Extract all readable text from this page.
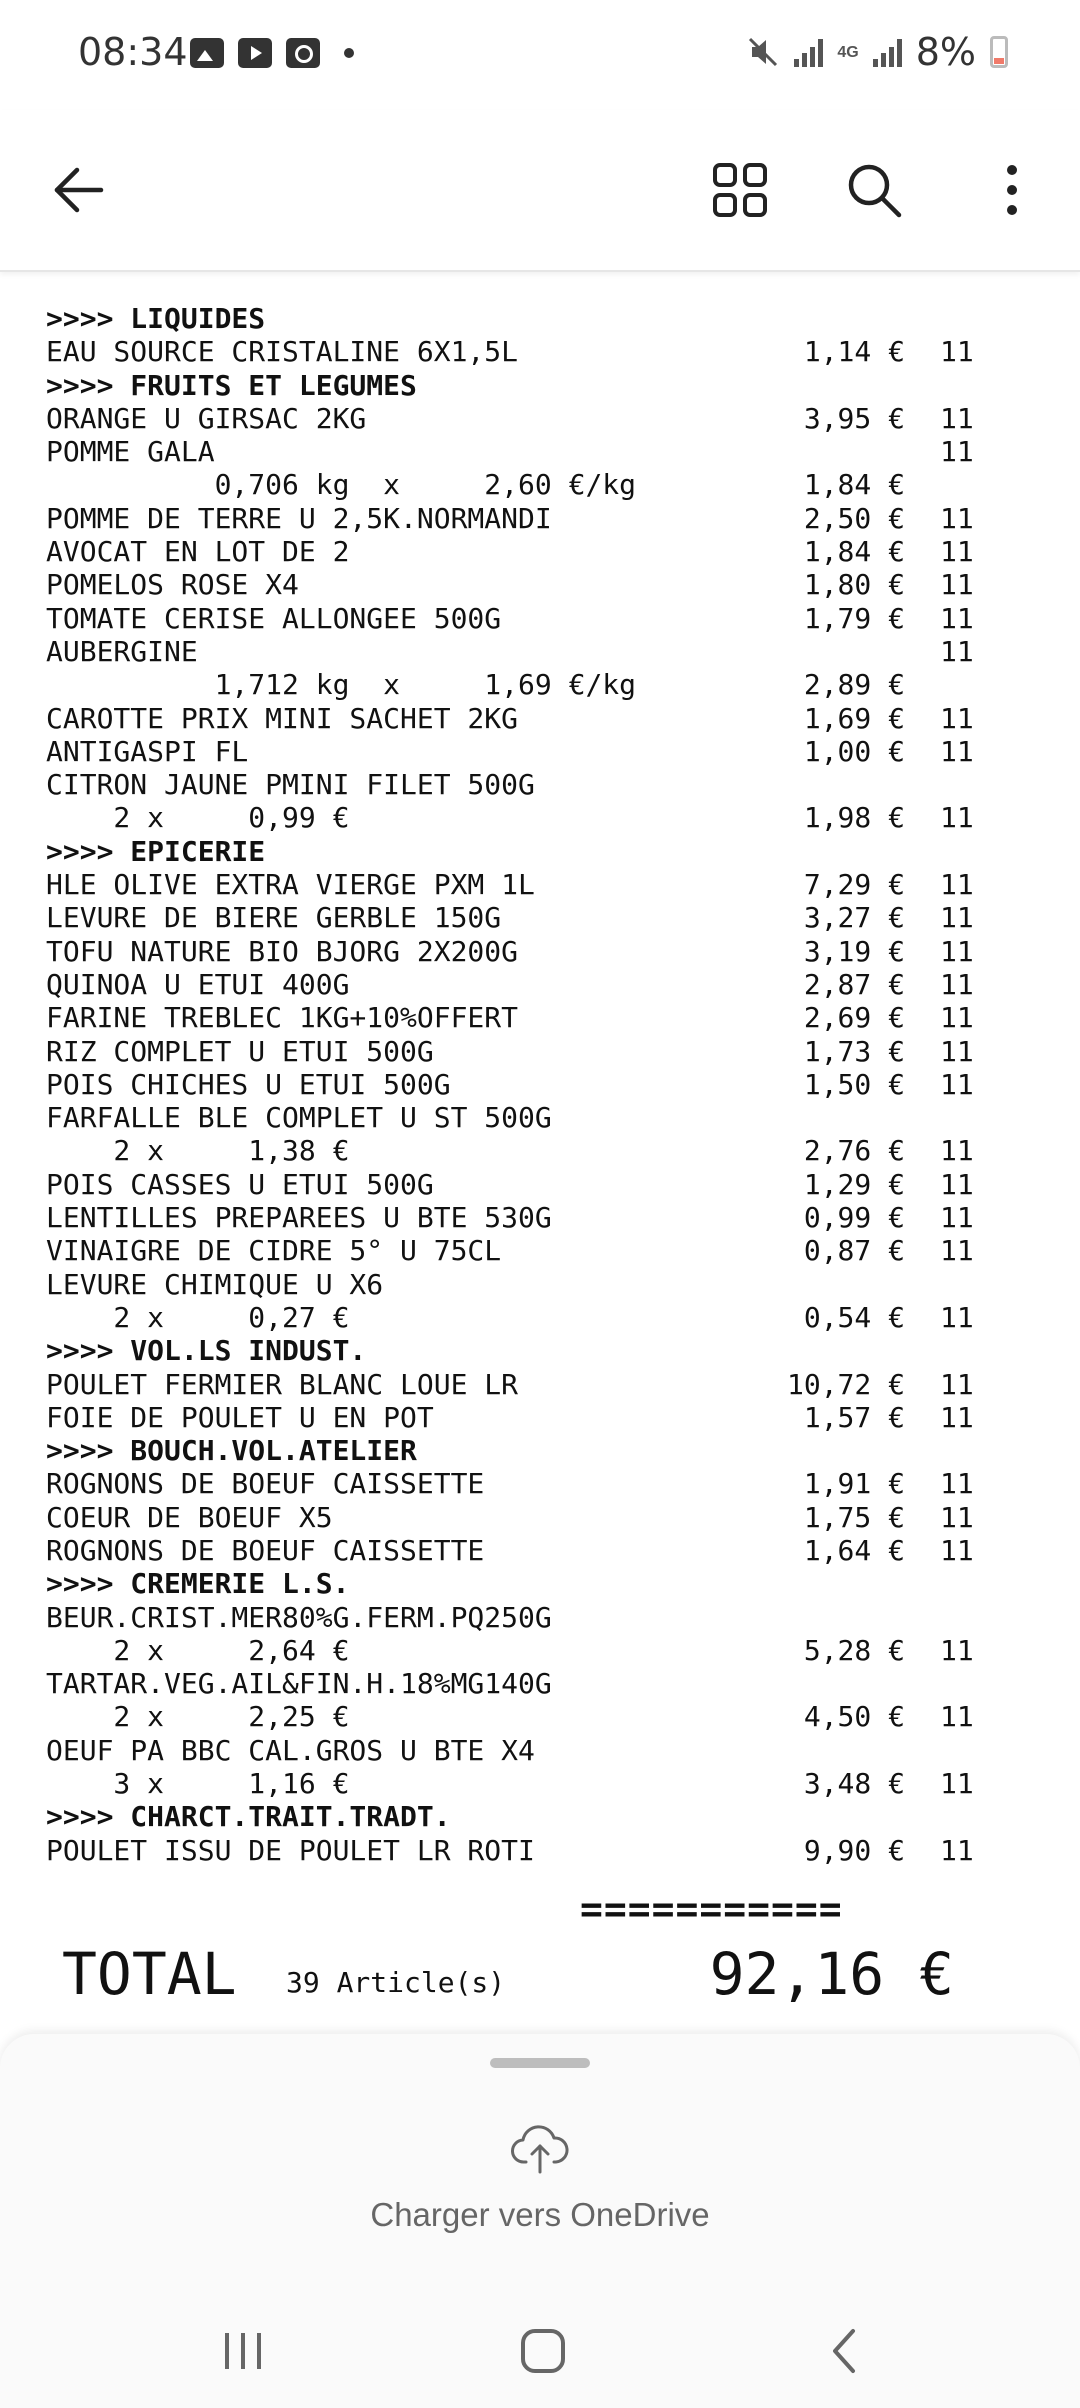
08:34	4G 8%
>>>> LIQUIDES
EAU SOURCE CRISTALINE 6X1,5L	1,14 € 11
>>>> FRUITS ET LEGUMES
ORANGE U GIRSAC 2KG	3,95 € 11
POMME GALA	11
0,706 kg  x     2,60 €/kg	1,84 €
POMME DE TERRE U 2,5K.NORMANDI	2,50 € 11
AVOCAT EN LOT DE 2	1,84 € 11
POMELOS ROSE X4	1,80 € 11
TOMATE CERISE ALLONGEE 500G	1,79 € 11
AUBERGINE	11
1,712 kg  x     1,69 €/kg	2,89 €
CAROTTE PRIX MINI SACHET 2KG	1,69 € 11
ANTIGASPI FL	1,00 € 11
CITRON JAUNE PMINI FILET 500G
2 x     0,99 €	1,98 € 11
>>>> EPICERIE
HLE OLIVE EXTRA VIERGE PXM 1L	7,29 € 11
LEVURE DE BIERE GERBLE 150G	3,27 € 11
TOFU NATURE BIO BJORG 2X200G	3,19 € 11
QUINOA U ETUI 400G	2,87 € 11
FARINE TREBLEC 1KG+10%OFFERT	2,69 € 11
RIZ COMPLET U ETUI 500G	1,73 € 11
POIS CHICHES U ETUI 500G	1,50 € 11
FARFALLE BLE COMPLET U ST 500G
2 x     1,38 €	2,76 € 11
POIS CASSES U ETUI 500G	1,29 € 11
LENTILLES PREPAREES U BTE 530G	0,99 € 11
VINAIGRE DE CIDRE 5° U 75CL	0,87 € 11
LEVURE CHIMIQUE U X6
2 x     0,27 €	0,54 € 11
>>>> VOL.LS INDUST.
POULET FERMIER BLANC LOUE LR	10,72 € 11
FOIE DE POULET U EN POT	1,57 € 11
>>>> BOUCH.VOL.ATELIER
ROGNONS DE BOEUF CAISSETTE	1,91 € 11
COEUR DE BOEUF X5	1,75 € 11
ROGNONS DE BOEUF CAISSETTE	1,64 € 11
>>>> CREMERIE L.S.
BEUR.CRIST.MER80%G.FERM.PQ250G
2 x     2,64 €	5,28 € 11
TARTAR.VEG.AIL&FIN.H.18%MG140G
2 x     2,25 €	4,50 € 11
OEUF PA BBC CAL.GROS U BTE X4
3 x     1,16 €	3,48 € 11
>>>> CHARCT.TRAIT.TRADT.
POULET ISSU DE POULET LR ROTI	9,90 € 11
===========
TOTAL 39 Article(s)	92,16 €
Charger vers OneDrive
